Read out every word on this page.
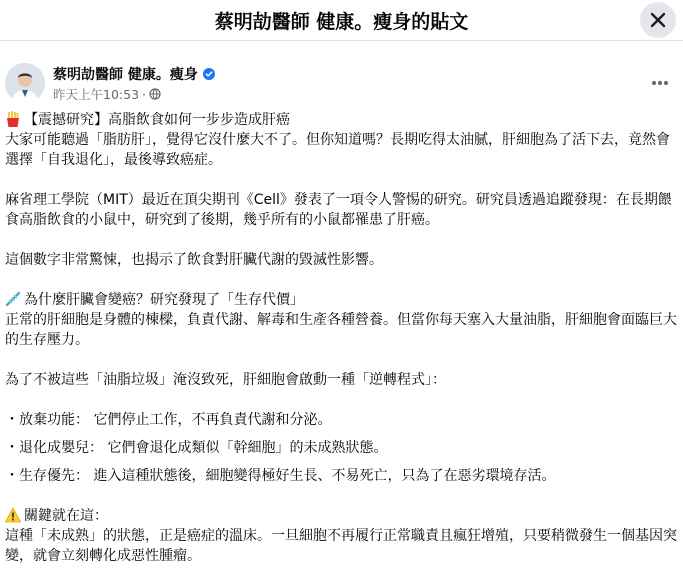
蔡明劼醫師 健康。瘦身的貼文
蔡明劼醫師 健康。瘦身
昨天上午10:53 ·

【震撼研究】高脂飲食如何一步步造成肝癌

大家可能聽過「脂肪肝」，覺得它沒什麼大不了。但你知道嗎？長期吃得太油膩，肝細胞為了活下去，竟然會選擇「自我退化」，最後導致癌症。

麻省理工學院（MIT）最近在頂尖期刊《Cell》發表了一項令人警惕的研究。研究員透過追蹤發現：在長期餵食高脂飲食的小鼠中，研究到了後期，幾乎所有的小鼠都罹患了肝癌。

這個數字非常驚悚，也揭示了飲食對肝臟代謝的毀滅性影響。

為什麼肝臟會變癌？研究發現了「生存代價」

正常的肝細胞是身體的棟樑，負責代謝、解毒和生產各種營養。但當你每天塞入大量油脂，肝細胞會面臨巨大的生存壓力。

為了不被這些「油脂垃圾」淹沒致死，肝細胞會啟動一種「逆轉程式」：

・放棄功能： 它們停止工作，不再負責代謝和分泌。

・退化成嬰兒： 它們會退化成類似「幹細胞」的未成熟狀態。

・生存優先： 進入這種狀態後，細胞變得極好生長、不易死亡，只為了在惡劣環境存活。

關鍵就在這：

這種「未成熟」的狀態，正是癌症的溫床。一旦細胞不再履行正常職責且瘋狂增殖，只要稍微發生一個基因突變，就會立刻轉化成惡性腫瘤。
